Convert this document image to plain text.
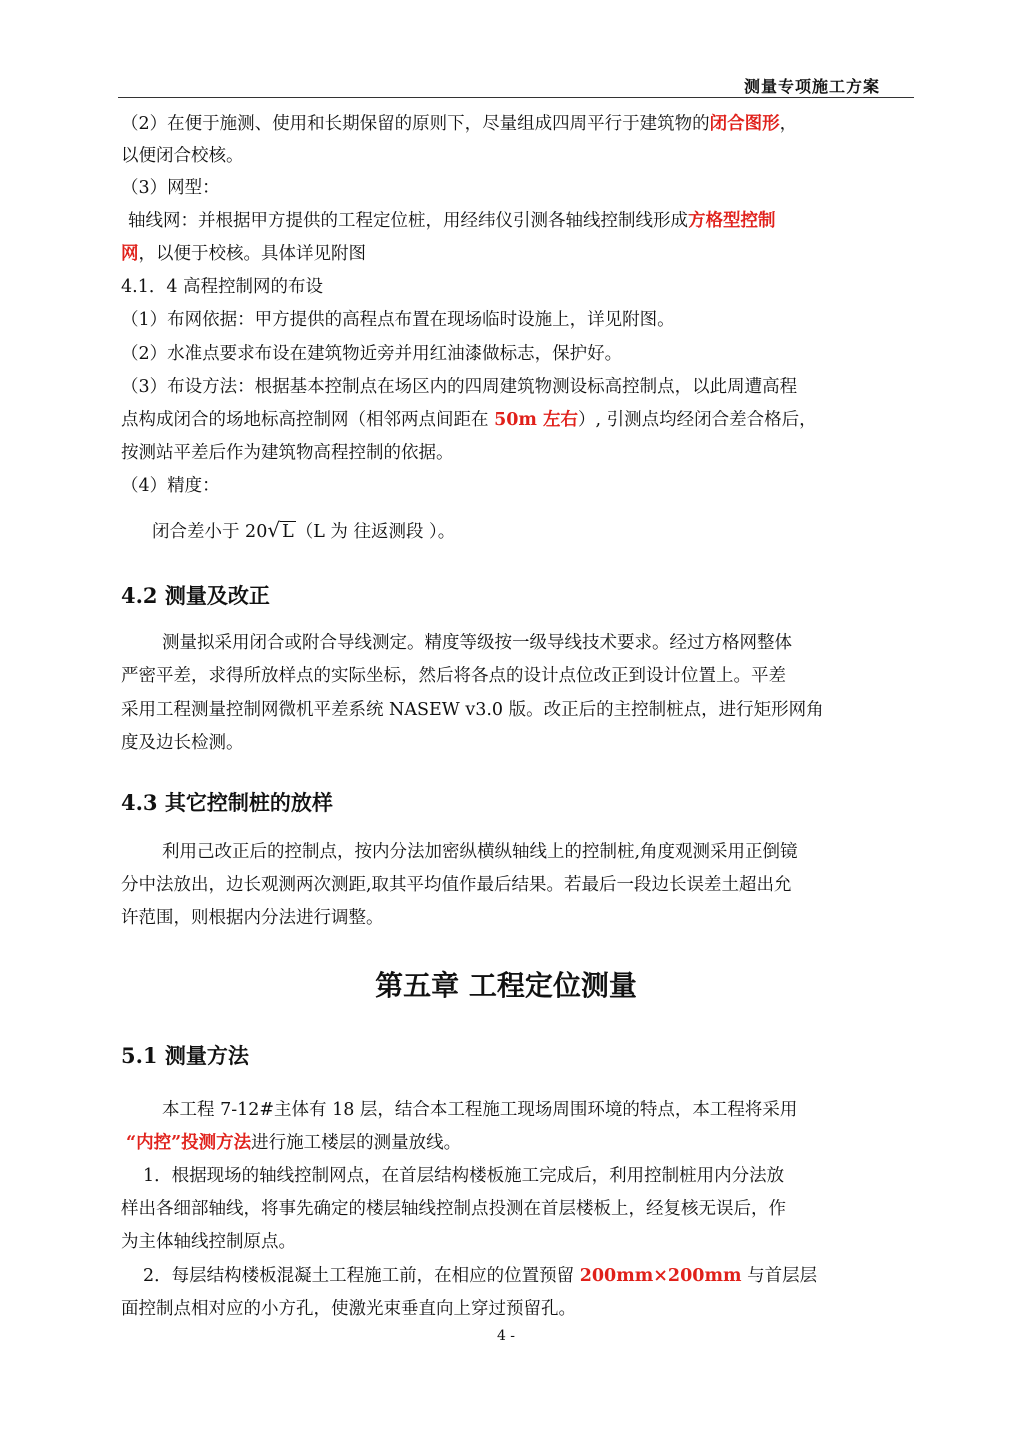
测量专项施工方案
（2）在便于施测、使用和长期保留的原则下，尽量组成四周平行于建筑物的闭合图形，
以便闭合校核。
（3）网型：
轴线网：并根据甲方提供的工程定位桩，用经纬仪引测各轴线控制线形成方格型控制
网，以便于校核。具体详见附图
4.1．4 高程控制网的布设
（1）布网依据：甲方提供的高程点布置在现场临时设施上，详见附图。
（2）水准点要求布设在建筑物近旁并用红油漆做标志，保护好。
（3）布设方法：根据基本控制点在场区内的四周建筑物测设标高控制点，以此周遭高程
点构成闭合的场地标高控制网（相邻两点间距在 50m 左右）, 引测点均经闭合差合格后，
按测站平差后作为建筑物高程控制的依据。
（4）精度：
闭合差小于 20√ L （L 为 往返测段 ）。
4.2 测量及改正
测量拟采用闭合或附合导线测定。精度等级按一级导线技术要求。经过方格网整体
严密平差，求得所放样点的实际坐标，然后将各点的设计点位改正到设计位置上。平差
采用工程测量控制网微机平差系统 NASEW v3.0 版。改正后的主控制桩点，进行矩形网角
度及边长检测。
4.3 其它控制桩的放样
利用己改正后的控制点，按内分法加密纵横纵轴线上的控制桩,角度观测采用正倒镜
分中法放出，边长观测两次测距,取其平均值作最后结果。若最后一段边长误差土超出允
许范围，则根据内分法进行调整。
第五章 工程定位测量
5.1 测量方法
本工程 7-12#主体有 18 层，结合本工程施工现场周围环境的特点，本工程将采用
“内控”投测方法进行施工楼层的测量放线。
1．根据现场的轴线控制网点，在首层结构楼板施工完成后，利用控制桩用内分法放
样出各细部轴线，将事先确定的楼层轴线控制点投测在首层楼板上，经复核无误后，作
为主体轴线控制原点。
2．每层结构楼板混凝土工程施工前，在相应的位置预留 200mm×200mm 与首层层
面控制点相对应的小方孔，使激光束垂直向上穿过预留孔。
4 -
